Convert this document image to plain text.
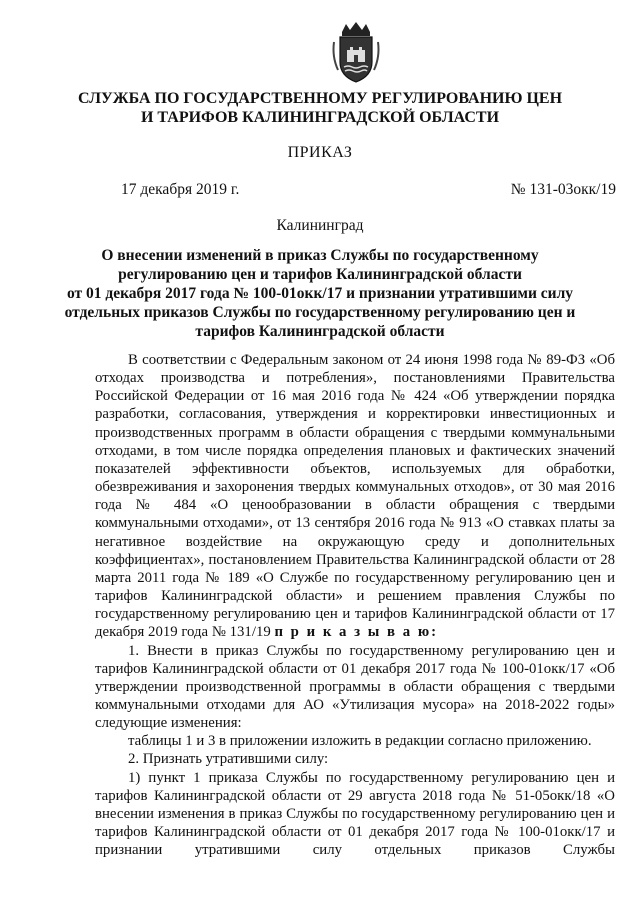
СЛУЖБА ПО ГОСУДАРСТВЕННОМУ РЕГУЛИРОВАНИЮ ЦЕН
И ТАРИФОВ КАЛИНИНГРАДСКОЙ ОБЛАСТИ
ПРИКАЗ
17 декабря 2019 г.	№ 131-03окк/19
Калининград
О внесении изменений в приказ Службы по государственному
регулированию цен и тарифов Калининградской области
от 01 декабря 2017 года № 100-01окк/17 и признании утратившими силу
отдельных приказов Службы по государственному регулированию цен и
тарифов Калининградской области

В соответствии с Федеральным законом от 24 июня 1998 года № 89-ФЗ «Об отходах производства и потребления», постановлениями Правительства Российской Федерации от 16 мая 2016 года № 424 «Об утверждении порядка разработки, согласования, утверждения и корректировки инвестиционных и производственных программ в области обращения с твердыми коммунальными отходами, в том числе порядка определения плановых и фактических значений показателей эффективности объектов, используемых для обработки, обезвреживания и захоронения твердых коммунальных отходов», от 30 мая 2016 года № 484 «О ценообразовании в области обращения с твердыми коммунальными отходами», от 13 сентября 2016 года № 913 «О ставках платы за негативное воздействие на окружающую среду и дополнительных коэффициентах», постановлением Правительства Калининградской области от 28 марта 2011 года № 189 «О Службе по государственному регулированию цен и тарифов Калининградской области» и решением правления Службы по государственному регулированию цен и тарифов Калининградской области от 17 декабря 2019 года № 131/19 п р и к а з ы в а ю:

1. Внести в приказ Службы по государственному регулированию цен и тарифов Калининградской области от 01 декабря 2017 года № 100-01окк/17 «Об утверждении производственной программы в области обращения с твердыми коммунальными отходами для АО «Утилизация мусора» на 2018-2022 годы» следующие изменения:

таблицы 1 и 3 в приложении изложить в редакции согласно приложению.

2. Признать утратившими силу:

1) пункт 1 приказа Службы по государственному регулированию цен и тарифов Калининградской области от 29 августа 2018 года № 51-05окк/18 «О внесении изменения в приказ Службы по государственному регулированию цен и тарифов Калининградской области от 01 декабря 2017 года № 100-01окк/17 и признании утратившими силу отдельных приказов Службы
